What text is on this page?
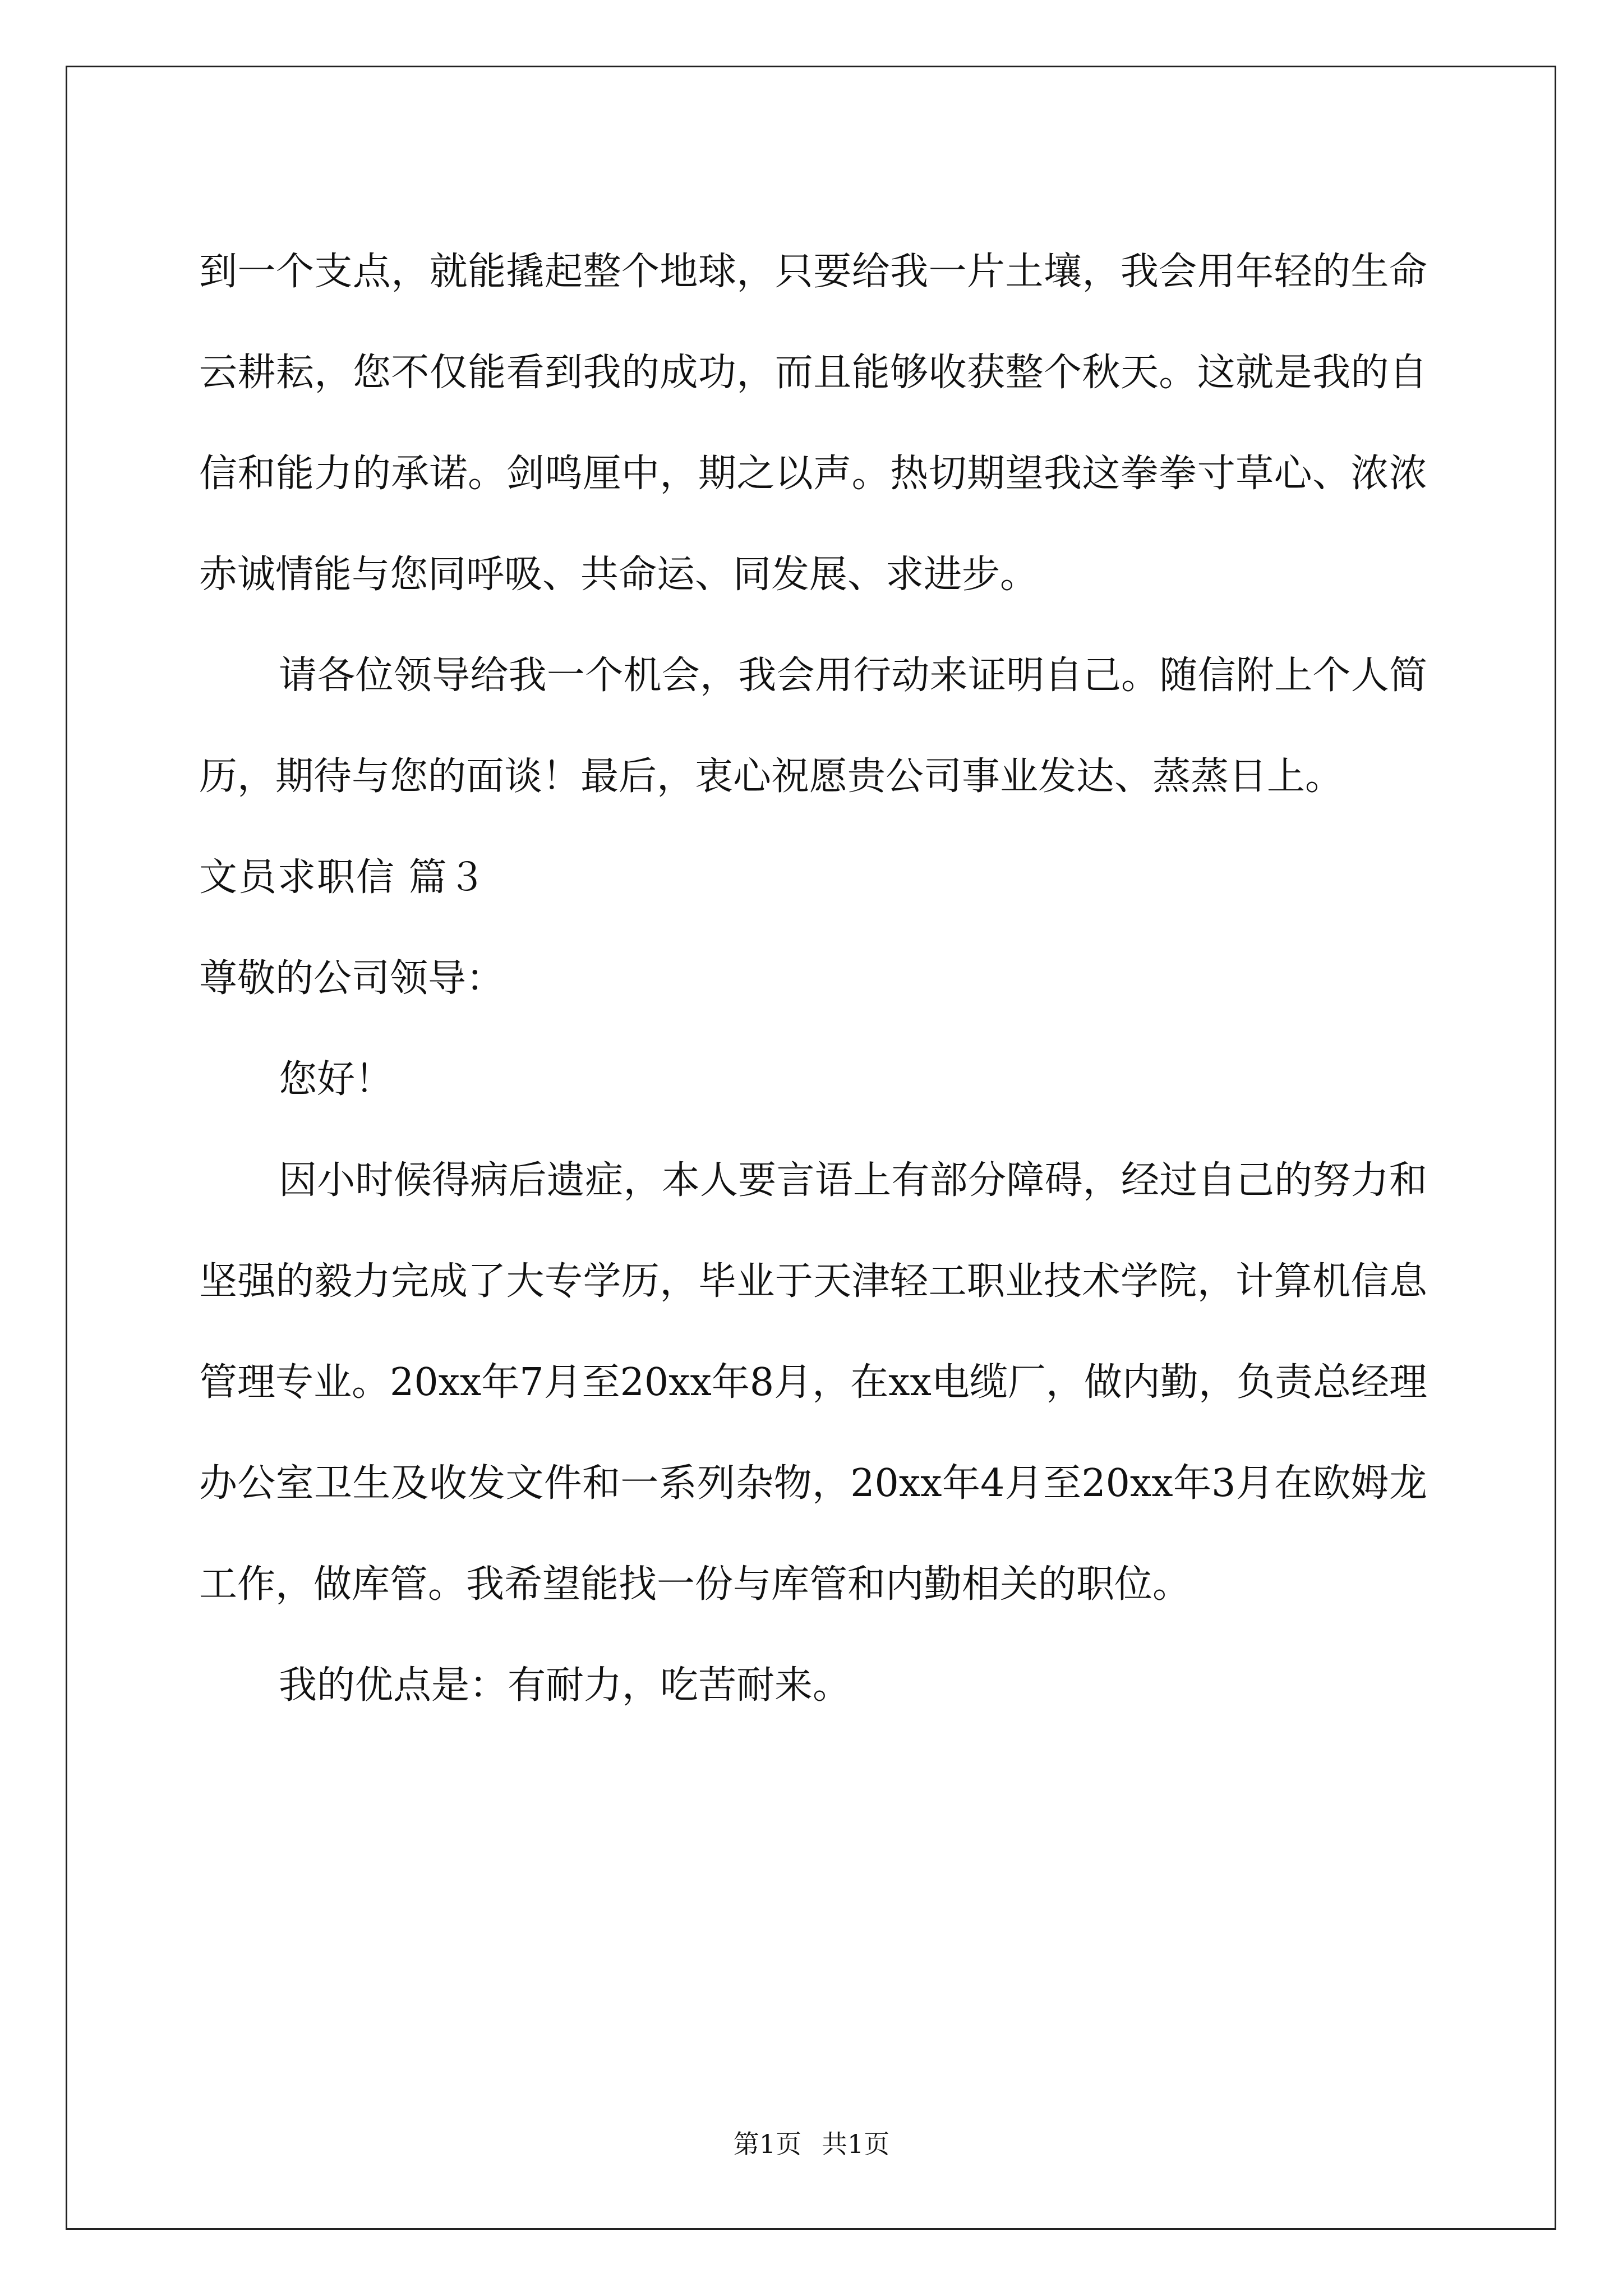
到一个支点，就能撬起整个地球，只要给我一片土壤，我会用年轻的生命云耕耘，您不仅能看到我的成功，而且能够收获整个秋天。这就是我的自信和能力的承诺。剑鸣厘中，期之以声。热切期望我这拳拳寸草心、浓浓赤诚情能与您同呼吸、共命运、同发展、求进步。

请各位领导给我一个机会，我会用行动来证明自己。随信附上个人简历，期待与您的面谈！最后，衷心祝愿贵公司事业发达、蒸蒸日上。

文员求职信 篇３

尊敬的公司领导：

您好！

因小时候得病后遗症，本人要言语上有部分障碍，经过自己的努力和坚强的毅力完成了大专学历，毕业于天津轻工职业技术学院，计算机信息管理专业。20xx年7月至20xx年8月，在xx电缆厂，做内勤，负责总经理办公室卫生及收发文件和一系列杂物，20xx年4月至20xx年3月在欧姆龙工作，做库管。我希望能找一份与库管和内勤相关的职位。

我的优点是：有耐力，吃苦耐来。

第1页 共1页
